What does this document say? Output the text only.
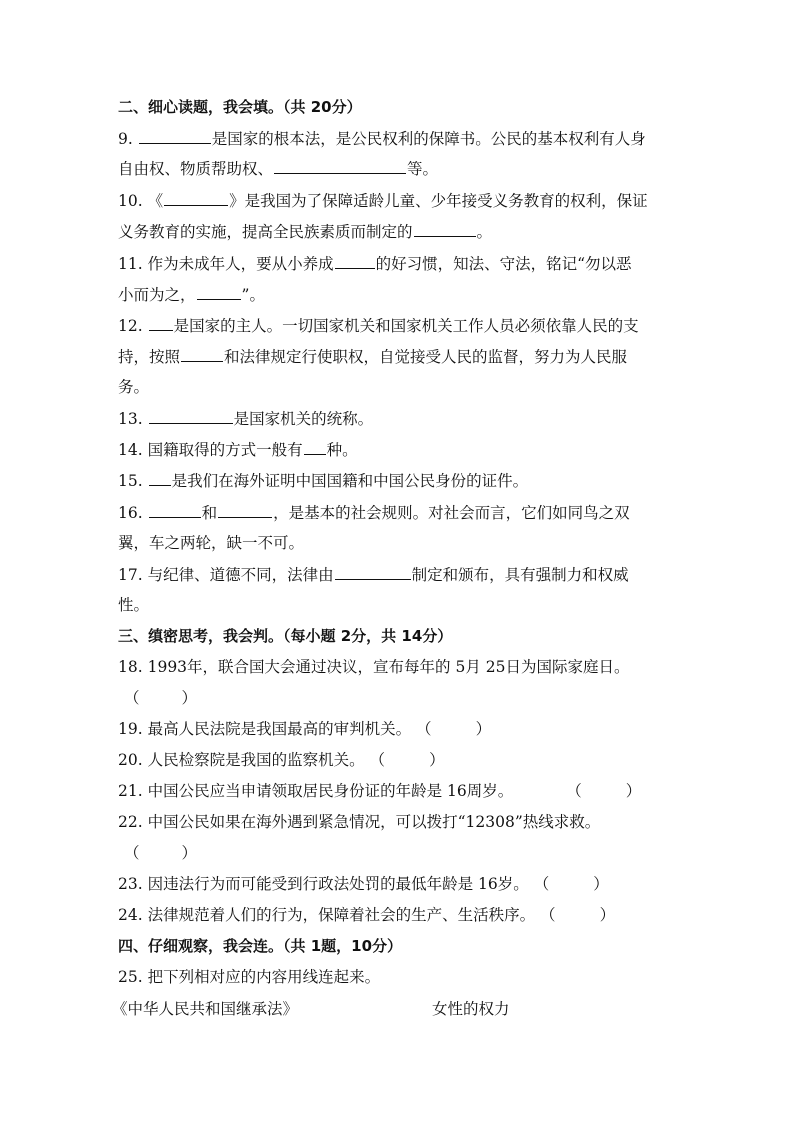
二、细心读题，我会填。（共 20分）
9.	是国家的根本法，是公民权利的保障书。公民的基本权利有人身
自由权、物质帮助权、	等。
10. 《	》是我国为了保障适龄儿童、少年接受义务教育的权利，保证
义务教育的实施，提高全民族素质而制定的	。
11. 作为未成年人，要从小养成	的好习惯，知法、守法，铭记“勿以恶
小而为之，	”。
12. 是国家的主人。一切国家机关和国家机关工作人员必须依靠人民的支
持，按照	和法律规定行使职权，自觉接受人民的监督，努力为人民服
务。
13.	是国家机关的统称。
14. 国籍取得的方式一般有 种。
15. 是我们在海外证明中国国籍和中国公民身份的证件。
16.	和	，是基本的社会规则。对社会而言，它们如同鸟之双
翼，车之两轮，缺一不可。
17. 与纪律、道德不同，法律由	制定和颁布，具有强制力和权威
性。
三、缜密思考，我会判。（每小题 2分，共 14分）
18. 1993年，联合国大会通过决议，宣布每年的 5月 25日为国际家庭日。
（	）
19. 最高人民法院是我国最高的审判机关。 （	）
20. 人民检察院是我国的监察机关。 （	）
21. 中国公民应当申请领取居民身份证的年龄是 16周岁。	（	）
22. 中国公民如果在海外遇到紧急情况，可以拨打“12308”热线求救。
（	）
23. 因违法行为而可能受到行政法处罚的最低年龄是 16岁。 （	）
24. 法律规范着人们的行为，保障着社会的生产、生活秩序。 （	）
四、仔细观察，我会连。（共 1题，10分）
25. 把下列相对应的内容用线连起来。
《中华人民共和国继承法》	女性的权力
